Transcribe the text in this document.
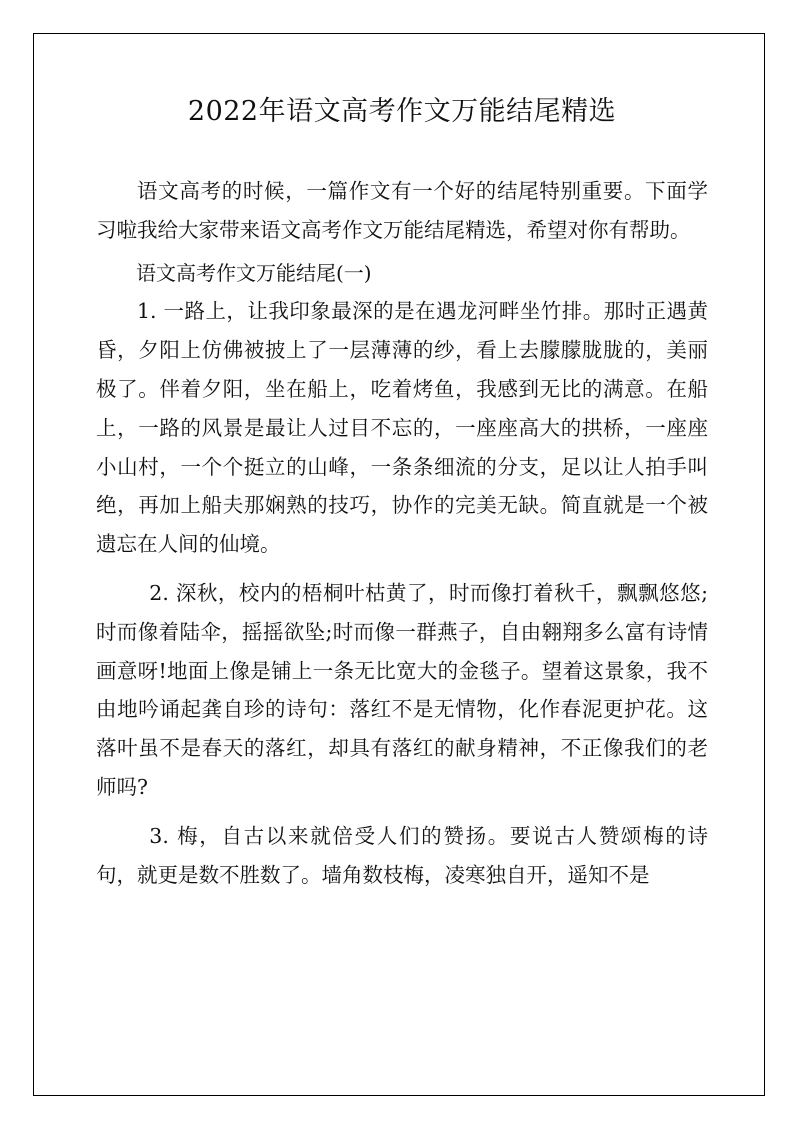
2022年语文高考作文万能结尾精选

语文高考的时候，一篇作文有一个好的结尾特别重要。下面学习啦我给大家带来语文高考作文万能结尾精选，希望对你有帮助。

语文高考作文万能结尾(一)

1. 一路上，让我印象最深的是在遇龙河畔坐竹排。那时正遇黄昏，夕阳上仿佛被披上了一层薄薄的纱，看上去朦朦胧胧的，美丽极了。伴着夕阳，坐在船上，吃着烤鱼，我感到无比的满意。在船上，一路的风景是最让人过目不忘的，一座座高大的拱桥，一座座小山村，一个个挺立的山峰，一条条细流的分支，足以让人拍手叫绝，再加上船夫那娴熟的技巧，协作的完美无缺。简直就是一个被遗忘在人间的仙境。

2. 深秋，校内的梧桐叶枯黄了，时而像打着秋千，飘飘悠悠;时而像着陆伞，摇摇欲坠;时而像一群燕子，自由翱翔多么富有诗情画意呀!地面上像是铺上一条无比宽大的金毯子。望着这景象，我不由地吟诵起龚自珍的诗句：落红不是无情物，化作春泥更护花。这落叶虽不是春天的落红，却具有落红的献身精神，不正像我们的老师吗?

3. 梅，自古以来就倍受人们的赞扬。要说古人赞颂梅的诗句，就更是数不胜数了。墙角数枝梅，凌寒独自开，遥知不是
